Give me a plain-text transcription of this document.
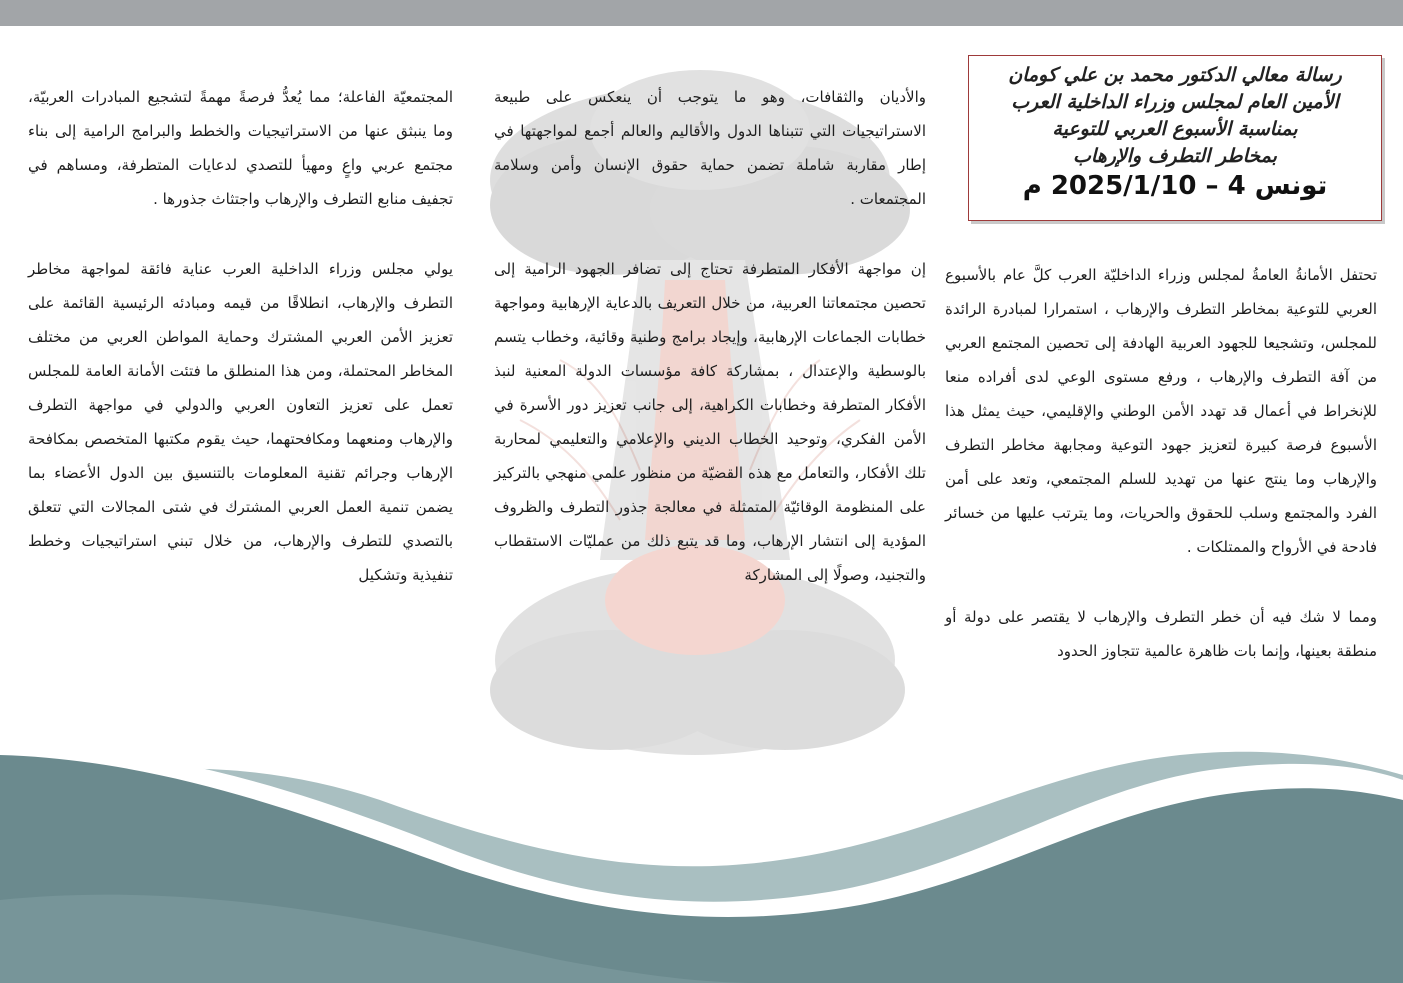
رسالة معالي الدكتور محمد بن علي كومان
الأمين العام لمجلس وزراء الداخلية العرب
بمناسبة الأسبوع العربي للتوعية
بمخاطر التطرف والإرهاب
تونس 4 – 2025/1/10 م

تحتفل الأمانةُ العامةُ لمجلس وزراء الداخليّة العرب كلَّ عام بالأسبوع العربي للتوعية بمخاطر التطرف والإرهاب ، استمرارا لمبادرة الرائدة للمجلس، وتشجيعا للجهود العربية الهادفة إلى تحصين المجتمع العربي من آفة التطرف والإرهاب ، ورفع مستوى الوعي لدى أفراده منعا للإنخراط في أعمال قد تهدد الأمن الوطني والإقليمي، حيث يمثل هذا الأسبوع فرصة كبيرة لتعزيز جهود التوعية ومجابهة مخاطر التطرف والإرهاب وما ينتج عنها من تهديد للسلم المجتمعي، وتعد على أمن الفرد والمجتمع وسلب للحقوق والحريات، وما يترتب عليها من خسائر فادحة في الأرواح والممتلكات .

ومما لا شك فيه أن خطر التطرف والإرهاب لا يقتصر على دولة أو منطقة بعينها، وإنما بات ظاهرة عالمية تتجاوز الحدود

والأديان والثقافات، وهو ما يتوجب أن ينعكس على طبيعة الاستراتيجيات التي تتبناها الدول والأقاليم والعالم أجمع لمواجهتها في إطار مقاربة شاملة تضمن حماية حقوق الإنسان وأمن وسلامة المجتمعات .

إن مواجهة الأفكار المتطرفة تحتاج إلى تضافر الجهود الرامية إلى تحصين مجتمعاتنا العربية، من خلال التعريف بالدعاية الإرهابية ومواجهة خطابات الجماعات الإرهابية، وإيجاد برامج وطنية وقائية، وخطاب يتسم بالوسطية والإعتدال ، بمشاركة كافة مؤسسات الدولة المعنية لنبذ الأفكار المتطرفة وخطابات الكراهية، إلى جانب تعزيز دور الأسرة في الأمن الفكري، وتوحيد الخطاب الديني والإعلامي والتعليمي لمحاربة تلك الأفكار، والتعامل مع هذه القضيّة من منظور علمي منهجي بالتركيز على المنظومة الوقائيّة المتمثلة في معالجة جذور التطرف والظروف المؤدية إلى انتشار الإرهاب، وما قد يتبع ذلك من عمليّات الاستقطاب والتجنيد، وصولًا إلى المشاركة

المجتمعيّة الفاعلة؛ مما يُعدُّ فرصةً مهمةً لتشجيع المبادرات العربيّة، وما ينبثق عنها من الاستراتيجيات والخطط والبرامج الرامية إلى بناء مجتمع عربي واعٍ ومهيأ للتصدي لدعايات المتطرفة، ومساهم في تجفيف منابع التطرف والإرهاب واجتثاث جذورها .

يولي مجلس وزراء الداخلية العرب عناية فائقة لمواجهة مخاطر التطرف والإرهاب، انطلاقًا من قيمه ومبادئه الرئيسية القائمة على تعزيز الأمن العربي المشترك وحماية المواطن العربي من مختلف المخاطر المحتملة، ومن هذا المنطلق ما فتئت الأمانة العامة للمجلس تعمل على تعزيز التعاون العربي والدولي في مواجهة التطرف والإرهاب ومنعهما ومكافحتهما، حيث يقوم مكتبها المتخصص بمكافحة الإرهاب وجرائم تقنية المعلومات بالتنسيق بين الدول الأعضاء بما يضمن تنمية العمل العربي المشترك في شتى المجالات التي تتعلق بالتصدي للتطرف والإرهاب، من خلال تبني استراتيجيات وخطط تنفيذية وتشكيل
